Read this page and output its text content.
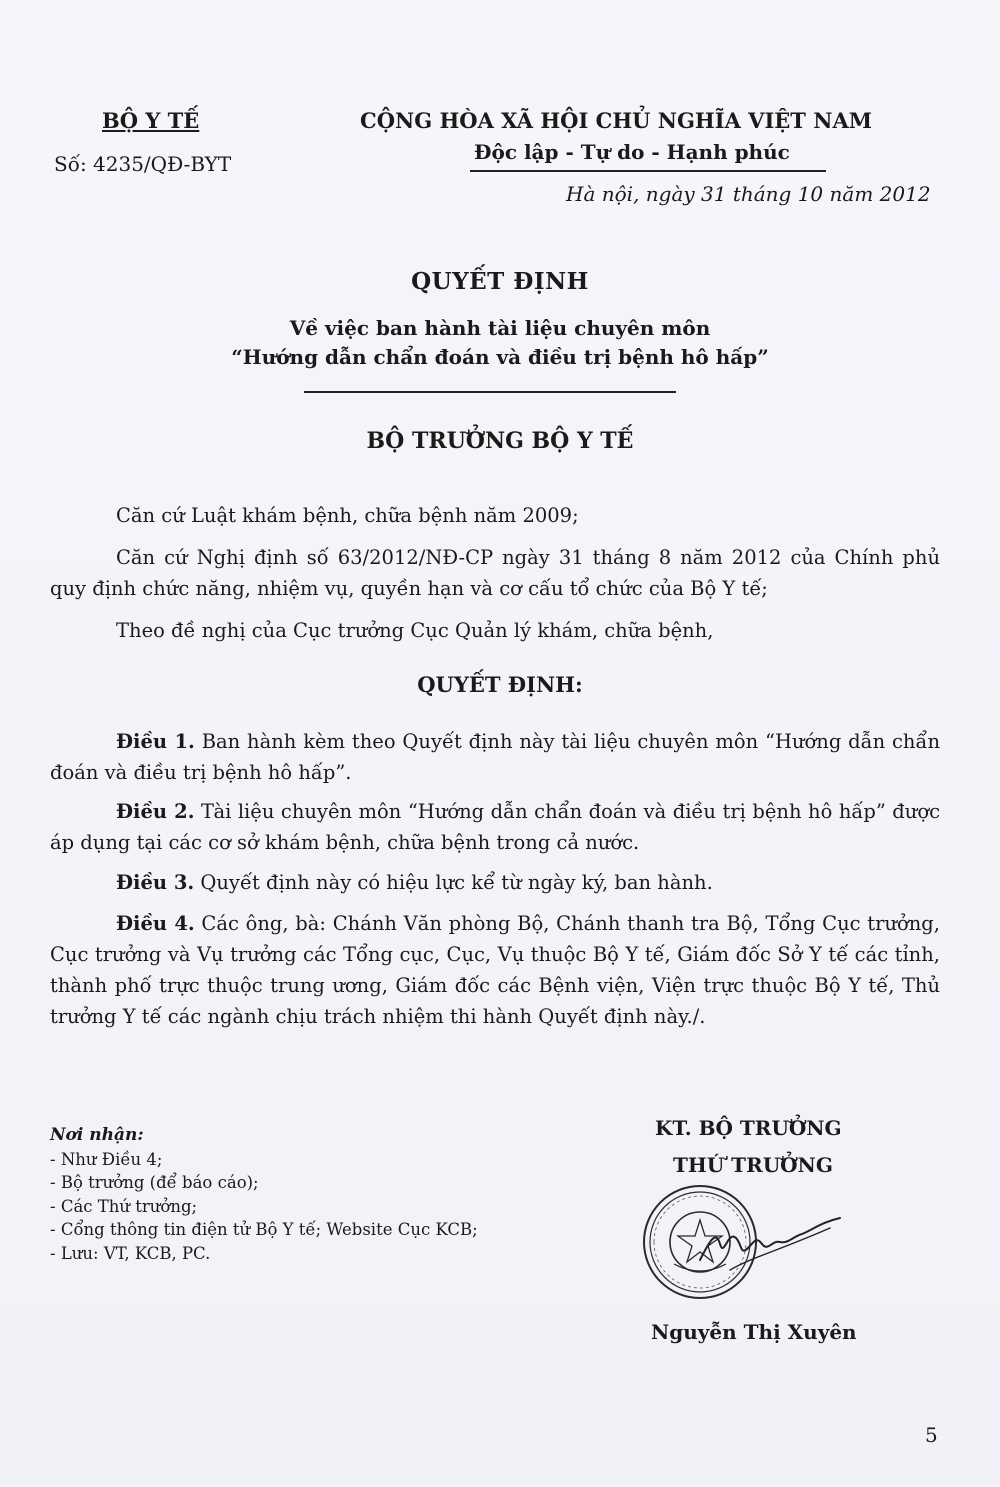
BỘ Y TẾ
Số: 4235/QĐ-BYT
CỘNG HÒA XÃ HỘI CHỦ NGHĨA VIỆT NAM
Độc lập - Tự do - Hạnh phúc
Hà nội, ngày 31 tháng 10 năm 2012
QUYẾT ĐỊNH
Về việc ban hành tài liệu chuyên môn
“Hướng dẫn chẩn đoán và điều trị bệnh hô hấp”
BỘ TRƯỞNG BỘ Y TẾ
Căn cứ Luật khám bệnh, chữa bệnh năm 2009;
Căn cứ Nghị định số 63/2012/NĐ-CP ngày 31 tháng 8 năm 2012 của Chính phủ quy định chức năng, nhiệm vụ, quyền hạn và cơ cấu tổ chức của Bộ Y tế;
Theo đề nghị của Cục trưởng Cục Quản lý khám, chữa bệnh,
QUYẾT ĐỊNH:
Điều 1. Ban hành kèm theo Quyết định này tài liệu chuyên môn “Hướng dẫn chẩn đoán và điều trị bệnh hô hấp”.
Điều 2. Tài liệu chuyên môn “Hướng dẫn chẩn đoán và điều trị bệnh hô hấp” được áp dụng tại các cơ sở khám bệnh, chữa bệnh trong cả nước.
Điều 3. Quyết định này có hiệu lực kể từ ngày ký, ban hành.
Điều 4. Các ông, bà: Chánh Văn phòng Bộ, Chánh thanh tra Bộ, Tổng Cục trưởng, Cục trưởng và Vụ trưởng các Tổng cục, Cục, Vụ thuộc Bộ Y tế, Giám đốc Sở Y tế các tỉnh, thành phố trực thuộc trung ương, Giám đốc các Bệnh viện, Viện trực thuộc Bộ Y tế, Thủ trưởng Y tế các ngành chịu trách nhiệm thi hành Quyết định này./.
Nơi nhận:
- Như Điều 4;
- Bộ trưởng (để báo cáo);
- Các Thứ trưởng;
- Cổng thông tin điện tử Bộ Y tế; Website Cục KCB;
- Lưu: VT, KCB, PC.
KT. BỘ TRƯỞNG
THỨ TRƯỞNG
Nguyễn Thị Xuyên
5
